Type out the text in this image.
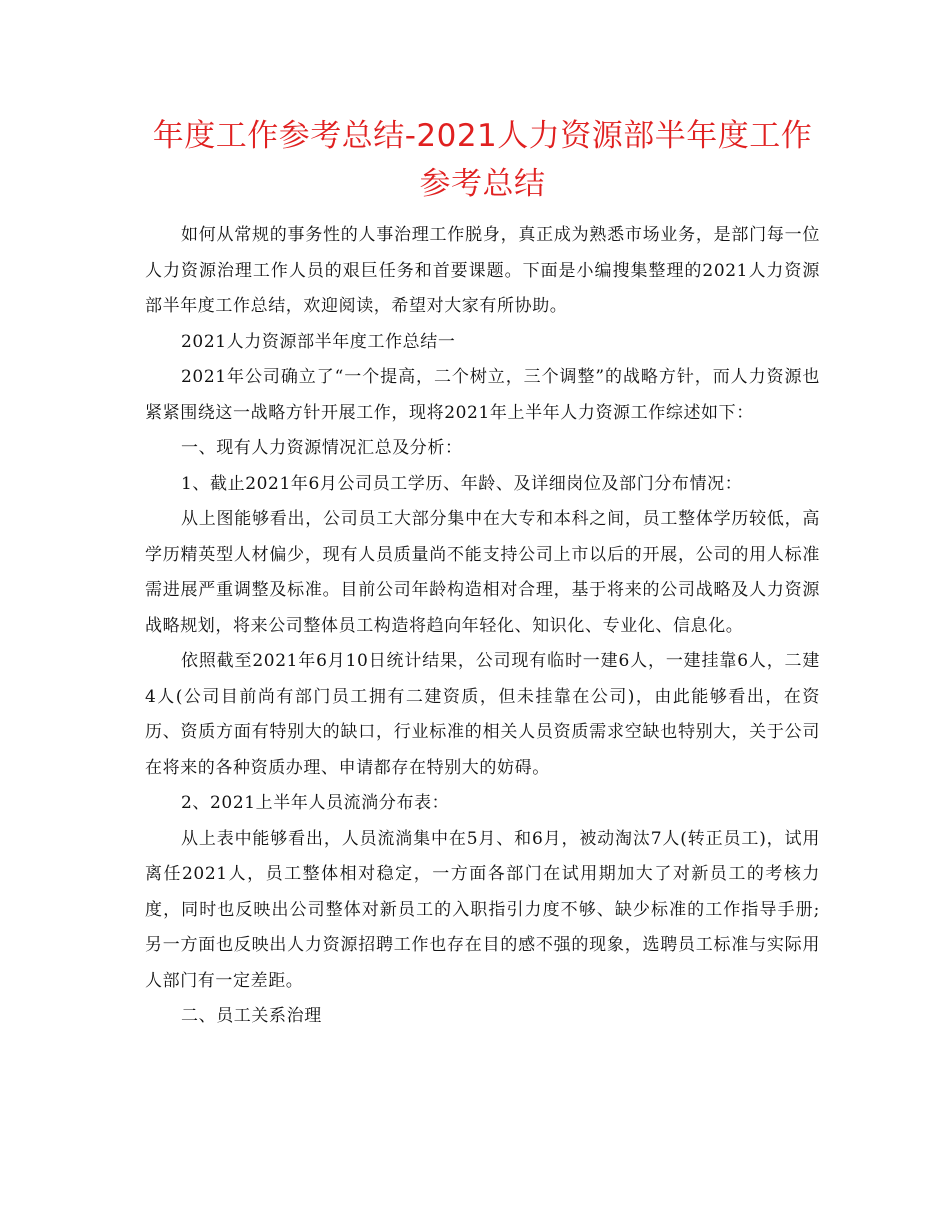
年度工作参考总结-2021人力资源部半年度工作
参考总结

如何从常规的事务性的人事治理工作脱身，真正成为熟悉市场业务，是部门每一位人力资源治理工作人员的艰巨任务和首要课题。下面是小编搜集整理的2021人力资源部半年度工作总结，欢迎阅读，希望对大家有所协助。

2021人力资源部半年度工作总结一

2021年公司确立了“一个提高，二个树立，三个调整”的战略方针，而人力资源也紧紧围绕这一战略方针开展工作，现将2021年上半年人力资源工作综述如下：

一、现有人力资源情况汇总及分析：

1、截止2021年6月公司员工学历、年龄、及详细岗位及部门分布情况：

从上图能够看出，公司员工大部分集中在大专和本科之间，员工整体学历较低，高学历精英型人材偏少，现有人员质量尚不能支持公司上市以后的开展，公司的用人标准需进展严重调整及标准。目前公司年龄构造相对合理，基于将来的公司战略及人力资源战略规划，将来公司整体员工构造将趋向年轻化、知识化、专业化、信息化。

依照截至2021年6月10日统计结果，公司现有临时一建6人，一建挂靠6人，二建4人(公司目前尚有部门员工拥有二建资质，但未挂靠在公司)，由此能够看出，在资历、资质方面有特别大的缺口，行业标准的相关人员资质需求空缺也特别大，关于公司在将来的各种资质办理、申请都存在特别大的妨碍。

2、2021上半年人员流淌分布表：

从上表中能够看出，人员流淌集中在5月、和6月，被动淘汰7人(转正员工)，试用离任2021人，员工整体相对稳定，一方面各部门在试用期加大了对新员工的考核力度，同时也反映出公司整体对新员工的入职指引力度不够、缺少标准的工作指导手册;另一方面也反映出人力资源招聘工作也存在目的感不强的现象，选聘员工标准与实际用人部门有一定差距。

二、员工关系治理
